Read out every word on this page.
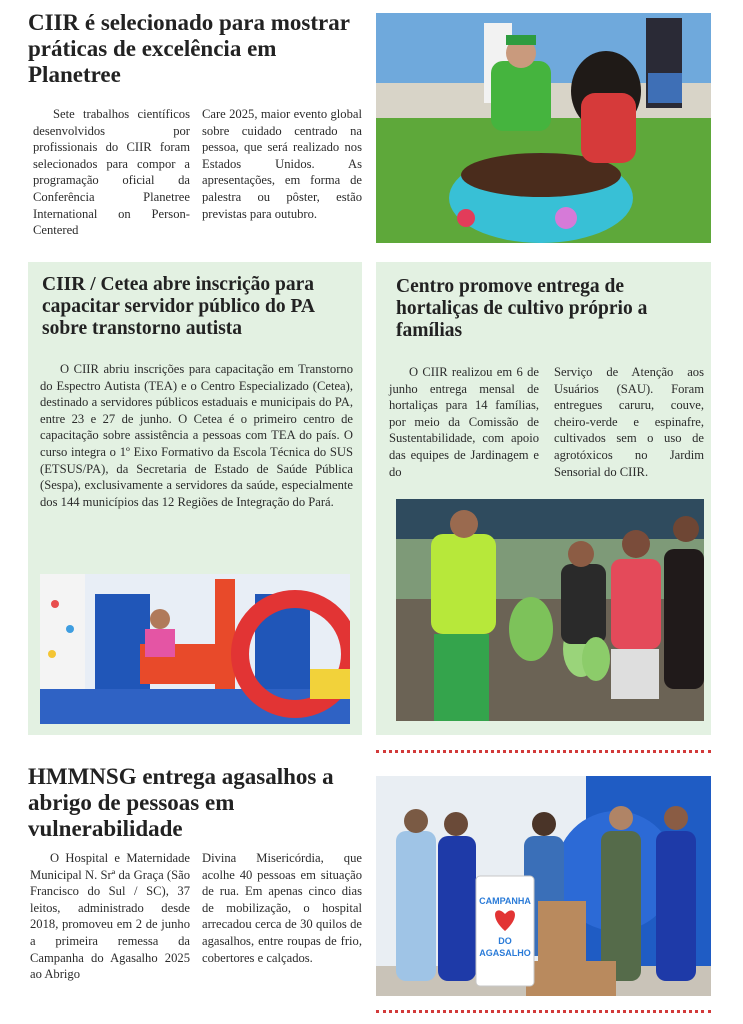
CIIR é selecionado para mostrar práticas de excelência em Planetree

Sete trabalhos científicos desenvolvidos por profissionais do CIIR foram selecionados para compor a programação oficial da Conferência Planetree International on Person-Centered

Care 2025, maior evento global sobre cuidado centrado na pessoa, que será realizado nos Estados Unidos. As apresentações, em forma de palestra ou pôster, estão previstas para outubro.

CIIR / Cetea abre inscrição para capacitar servidor público do PA sobre transtorno autista

O CIIR abriu inscrições para capacitação em Transtorno do Espectro Autista (TEA) e o Centro Especializado (Cetea), destinado a servidores públicos estaduais e municipais do PA, entre 23 e 27 de junho. O Cetea é o primeiro centro de capacitação sobre assistência a pessoas com TEA do país. O curso integra o 1º Eixo Formativo da Escola Técnica do SUS (ETSUS/PA), da Secretaria de Estado de Saúde Pública (Sespa), exclusivamente a servidores da saúde, especialmente dos 144 municípios das 12 Regiões de Integração do Pará.

Centro promove entrega de hortaliças de cultivo próprio a famílias

O CIIR realizou em 6 de junho entrega mensal de hortaliças para 14 famílias, por meio da Comissão de Sustentabilidade, com apoio das equipes de Jardinagem e do

Serviço de Atenção aos Usuários (SAU). Foram entregues caruru, couve, cheiro-verde e espinafre, cultivados sem o uso de agrotóxicos no Jardim Sensorial do CIIR.

HMMNSG entrega agasalhos a abrigo de pessoas em vulnerabilidade

O Hospital e Maternidade Municipal N. Srª da Graça (São Francisco do Sul / SC), 37 leitos, administrado desde 2018, promoveu em 2 de junho a primeira remessa da Campanha do Agasalho 2025 ao Abrigo

Divina Misericórdia, que acolhe 40 pessoas em situação de rua. Em apenas cinco dias de mobilização, o hospital arrecadou cerca de 30 quilos de agasalhos, entre roupas de frio, cobertores e calçados.

CAMPANHA
DO
AGASALHO
